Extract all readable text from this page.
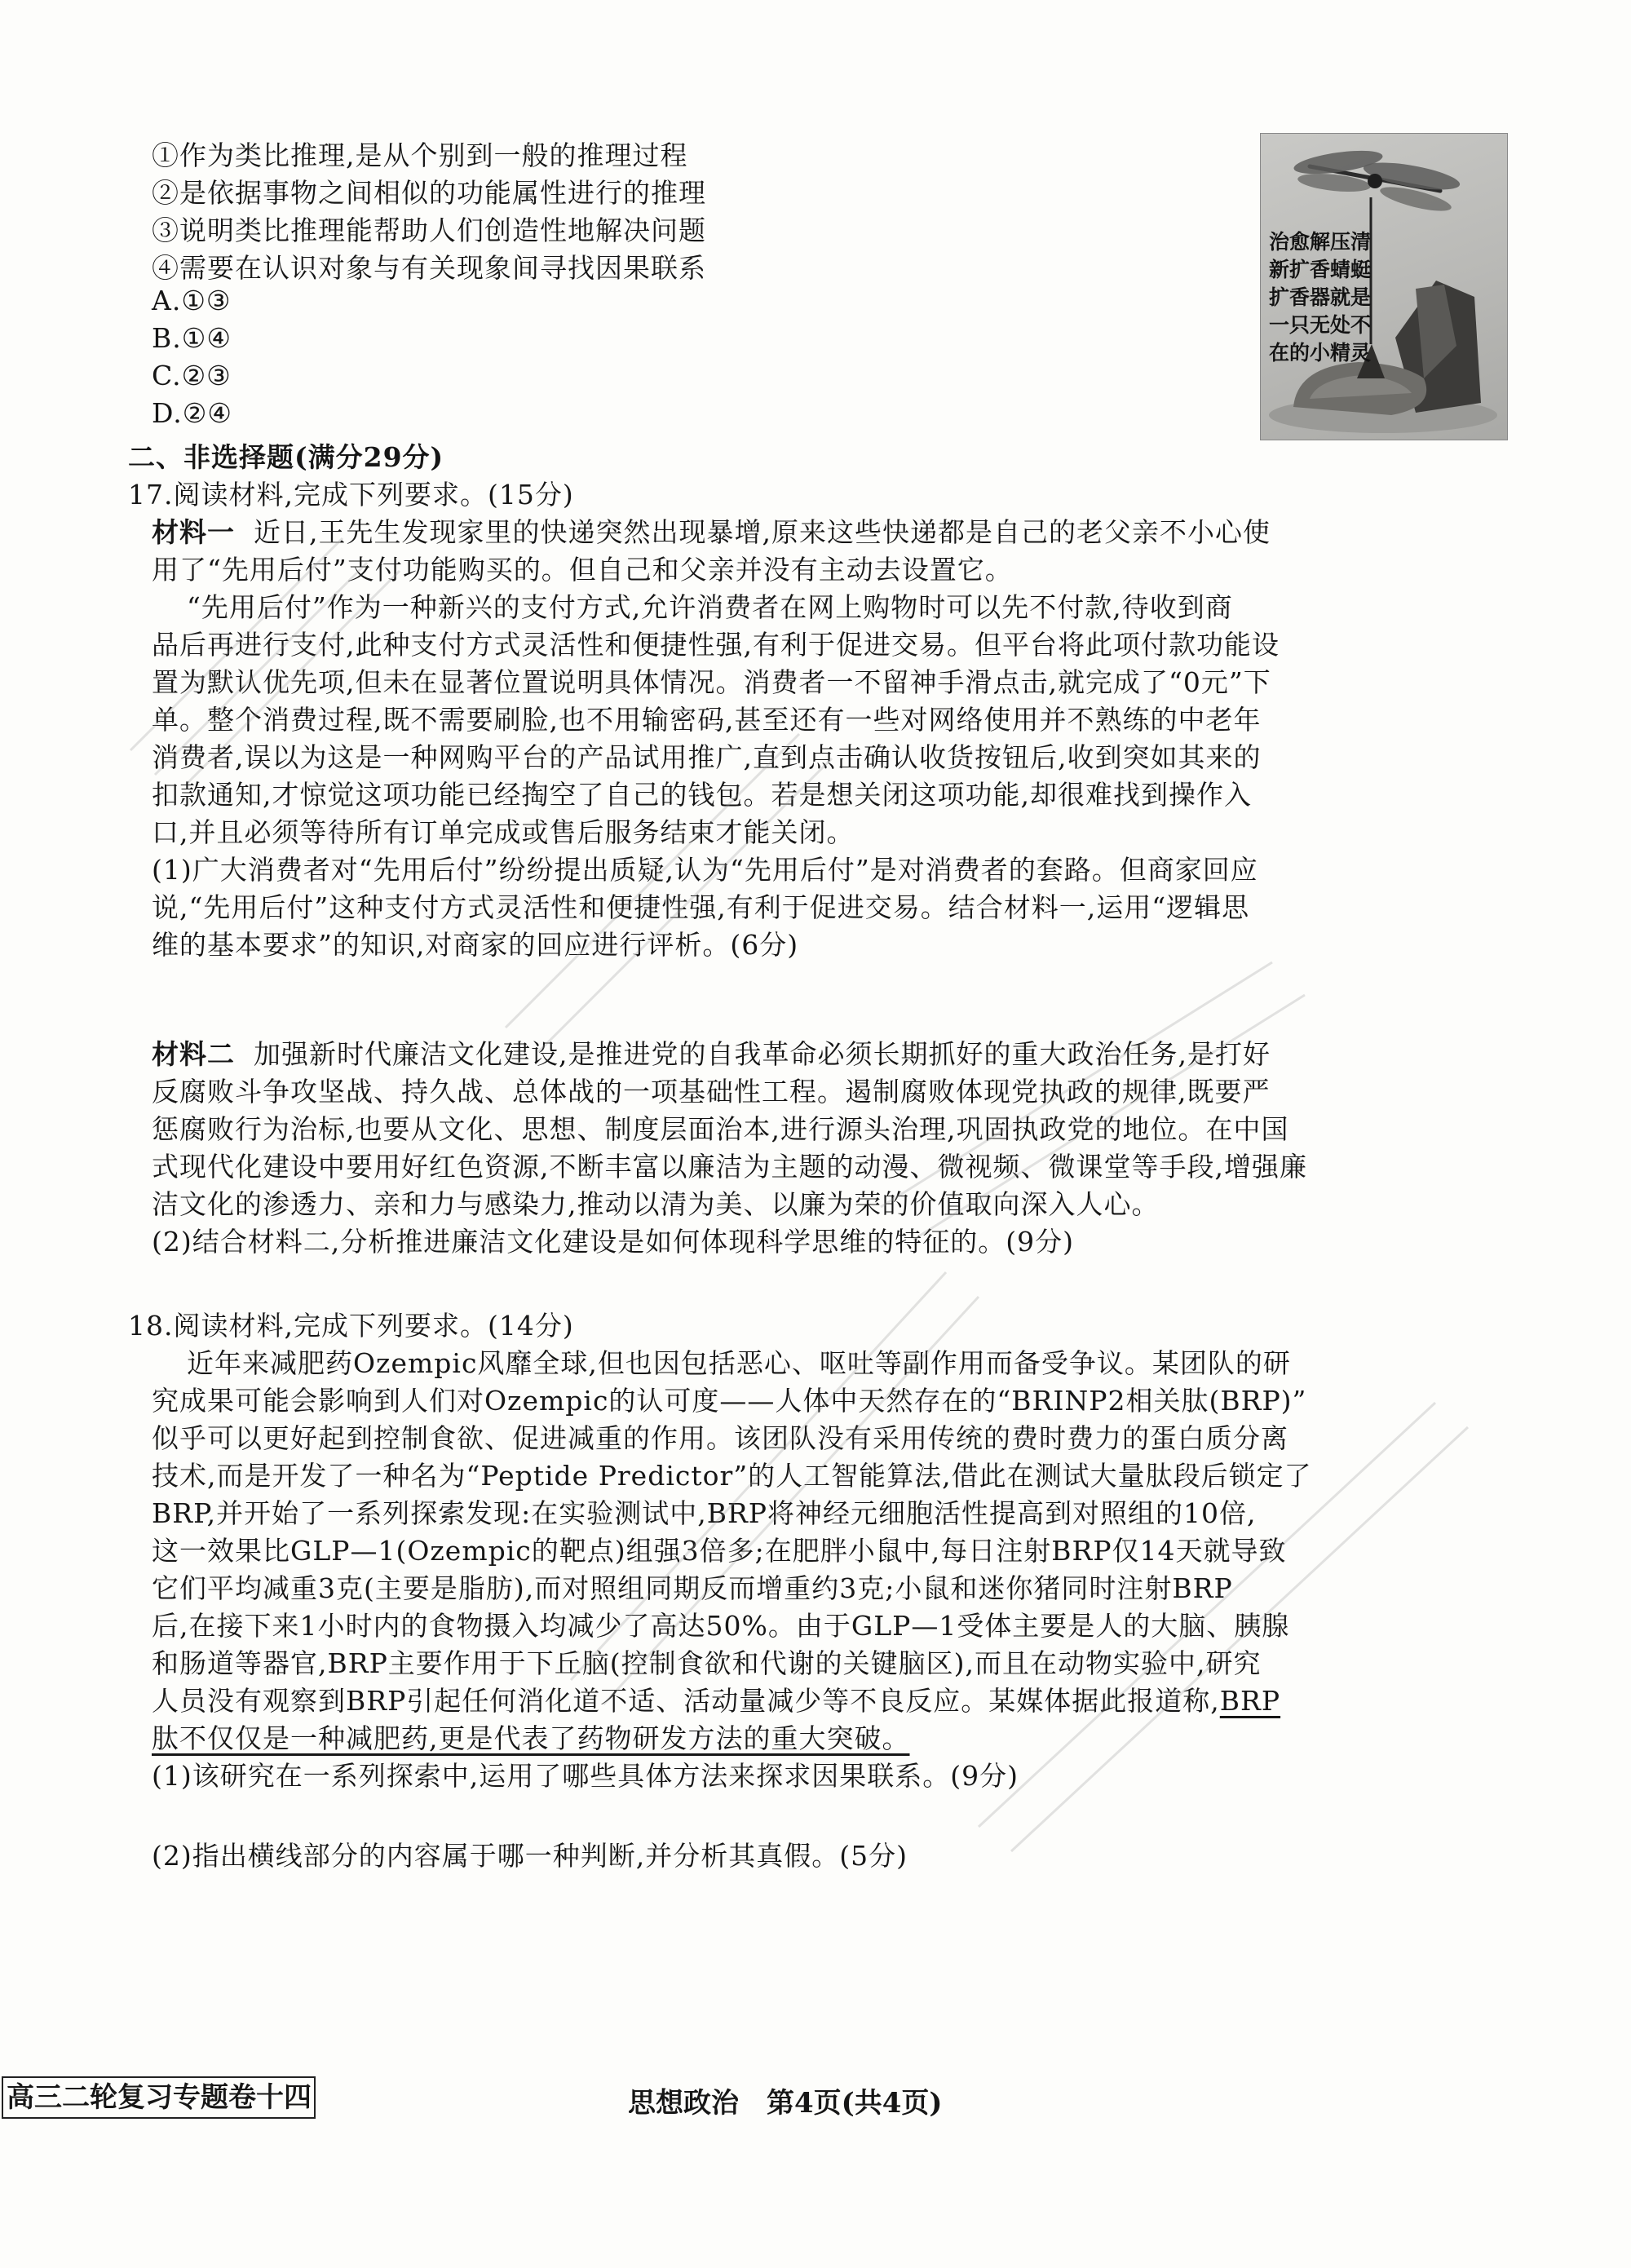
①作为类比推理,是从个别到一般的推理过程
②是依据事物之间相似的功能属性进行的推理
③说明类比推理能帮助人们创造性地解决问题
④需要在认识对象与有关现象间寻找因果联系
A.①③
B.①④
C.②③
D.②④
治愈解压清新扩香蜻蜓扩香器就是一只无处不在的小精灵
二、非选择题(满分29分)
17.阅读材料,完成下列要求。(15分)
材料一 近日,王先生发现家里的快递突然出现暴增,原来这些快递都是自己的老父亲不小心使
用了“先用后付”支付功能购买的。但自己和父亲并没有主动去设置它。
“先用后付”作为一种新兴的支付方式,允许消费者在网上购物时可以先不付款,待收到商
品后再进行支付,此种支付方式灵活性和便捷性强,有利于促进交易。但平台将此项付款功能设
置为默认优先项,但未在显著位置说明具体情况。消费者一不留神手滑点击,就完成了“0元”下
单。整个消费过程,既不需要刷脸,也不用输密码,甚至还有一些对网络使用并不熟练的中老年
消费者,误以为这是一种网购平台的产品试用推广,直到点击确认收货按钮后,收到突如其来的
扣款通知,才惊觉这项功能已经掏空了自己的钱包。若是想关闭这项功能,却很难找到操作入
口,并且必须等待所有订单完成或售后服务结束才能关闭。
(1)广大消费者对“先用后付”纷纷提出质疑,认为“先用后付”是对消费者的套路。但商家回应
说,“先用后付”这种支付方式灵活性和便捷性强,有利于促进交易。结合材料一,运用“逻辑思
维的基本要求”的知识,对商家的回应进行评析。(6分)
材料二 加强新时代廉洁文化建设,是推进党的自我革命必须长期抓好的重大政治任务,是打好
反腐败斗争攻坚战、持久战、总体战的一项基础性工程。遏制腐败体现党执政的规律,既要严
惩腐败行为治标,也要从文化、思想、制度层面治本,进行源头治理,巩固执政党的地位。在中国
式现代化建设中要用好红色资源,不断丰富以廉洁为主题的动漫、微视频、微课堂等手段,增强廉
洁文化的渗透力、亲和力与感染力,推动以清为美、以廉为荣的价值取向深入人心。
(2)结合材料二,分析推进廉洁文化建设是如何体现科学思维的特征的。(9分)
18.阅读材料,完成下列要求。(14分)
近年来减肥药Ozempic风靡全球,但也因包括恶心、呕吐等副作用而备受争议。某团队的研
究成果可能会影响到人们对Ozempic的认可度——人体中天然存在的“BRINP2相关肽(BRP)”
似乎可以更好起到控制食欲、促进减重的作用。该团队没有采用传统的费时费力的蛋白质分离
技术,而是开发了一种名为“Peptide Predictor”的人工智能算法,借此在测试大量肽段后锁定了
BRP,并开始了一系列探索发现:在实验测试中,BRP将神经元细胞活性提高到对照组的10倍,
这一效果比GLP—1(Ozempic的靶点)组强3倍多;在肥胖小鼠中,每日注射BRP仅14天就导致
它们平均减重3克(主要是脂肪),而对照组同期反而增重约3克;小鼠和迷你猪同时注射BRP
后,在接下来1小时内的食物摄入均减少了高达50%。由于GLP—1受体主要是人的大脑、胰腺
和肠道等器官,BRP主要作用于下丘脑(控制食欲和代谢的关键脑区),而且在动物实验中,研究
人员没有观察到BRP引起任何消化道不适、活动量减少等不良反应。某媒体据此报道称,BRP
肽不仅仅是一种减肥药,更是代表了药物研发方法的重大突破。
(1)该研究在一系列探索中,运用了哪些具体方法来探求因果联系。(9分)
(2)指出横线部分的内容属于哪一种判断,并分析其真假。(5分)
高三二轮复习专题卷十四	思想政治　第4页(共4页)
